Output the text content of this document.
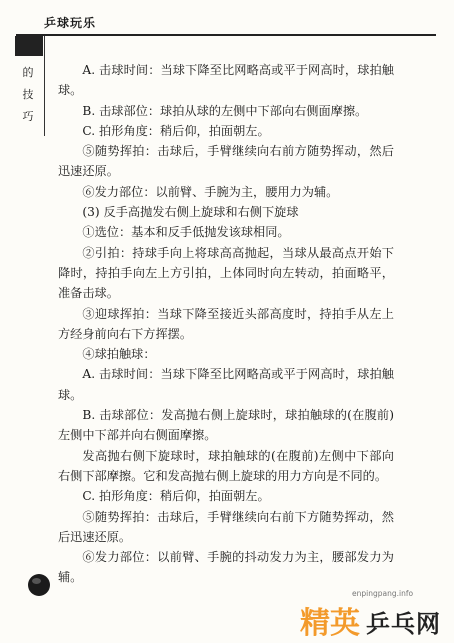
乒球玩乐
的
技
巧

A. 击球时间：当球下降至比网略高或平于网高时，球拍触球。

B. 击球部位：球拍从球的左侧中下部向右侧面摩擦。

C. 拍形角度：稍后仰，拍面朝左。

⑤随势挥拍：击球后，手臂继续向右前方随势挥动，然后迅速还原。

⑥发力部位：以前臂、手腕为主，腰用力为辅。

(3) 反手高抛发右侧上旋球和右侧下旋球

①选位：基本和反手低抛发该球相同。

②引拍：持球手向上将球高高抛起，当球从最高点开始下降时，持拍手向左上方引拍，上体同时向左转动，拍面略平，准备击球。

③迎球挥拍：当球下降至接近头部高度时，持拍手从左上方经身前向右下方挥摆。

④球拍触球：

A. 击球时间：当球下降至比网略高或平于网高时，球拍触球。

B. 击球部位：发高抛右侧上旋球时，球拍触球的(在腹前)左侧中下部并向右侧面摩擦。

发高抛右侧下旋球时，球拍触球的(在腹前)左侧中下部向右侧下部摩擦。它和发高抛右侧上旋球的用力方向是不同的。

C. 拍形角度：稍后仰，拍面朝左。

⑤随势挥拍：击球后，手臂继续向右前下方随势挥动，然后迅速还原。

⑥发力部位：以前臂、手腕的抖动发力为主，腰部发力为辅。

enpingpang.info
精英 乒乓网
